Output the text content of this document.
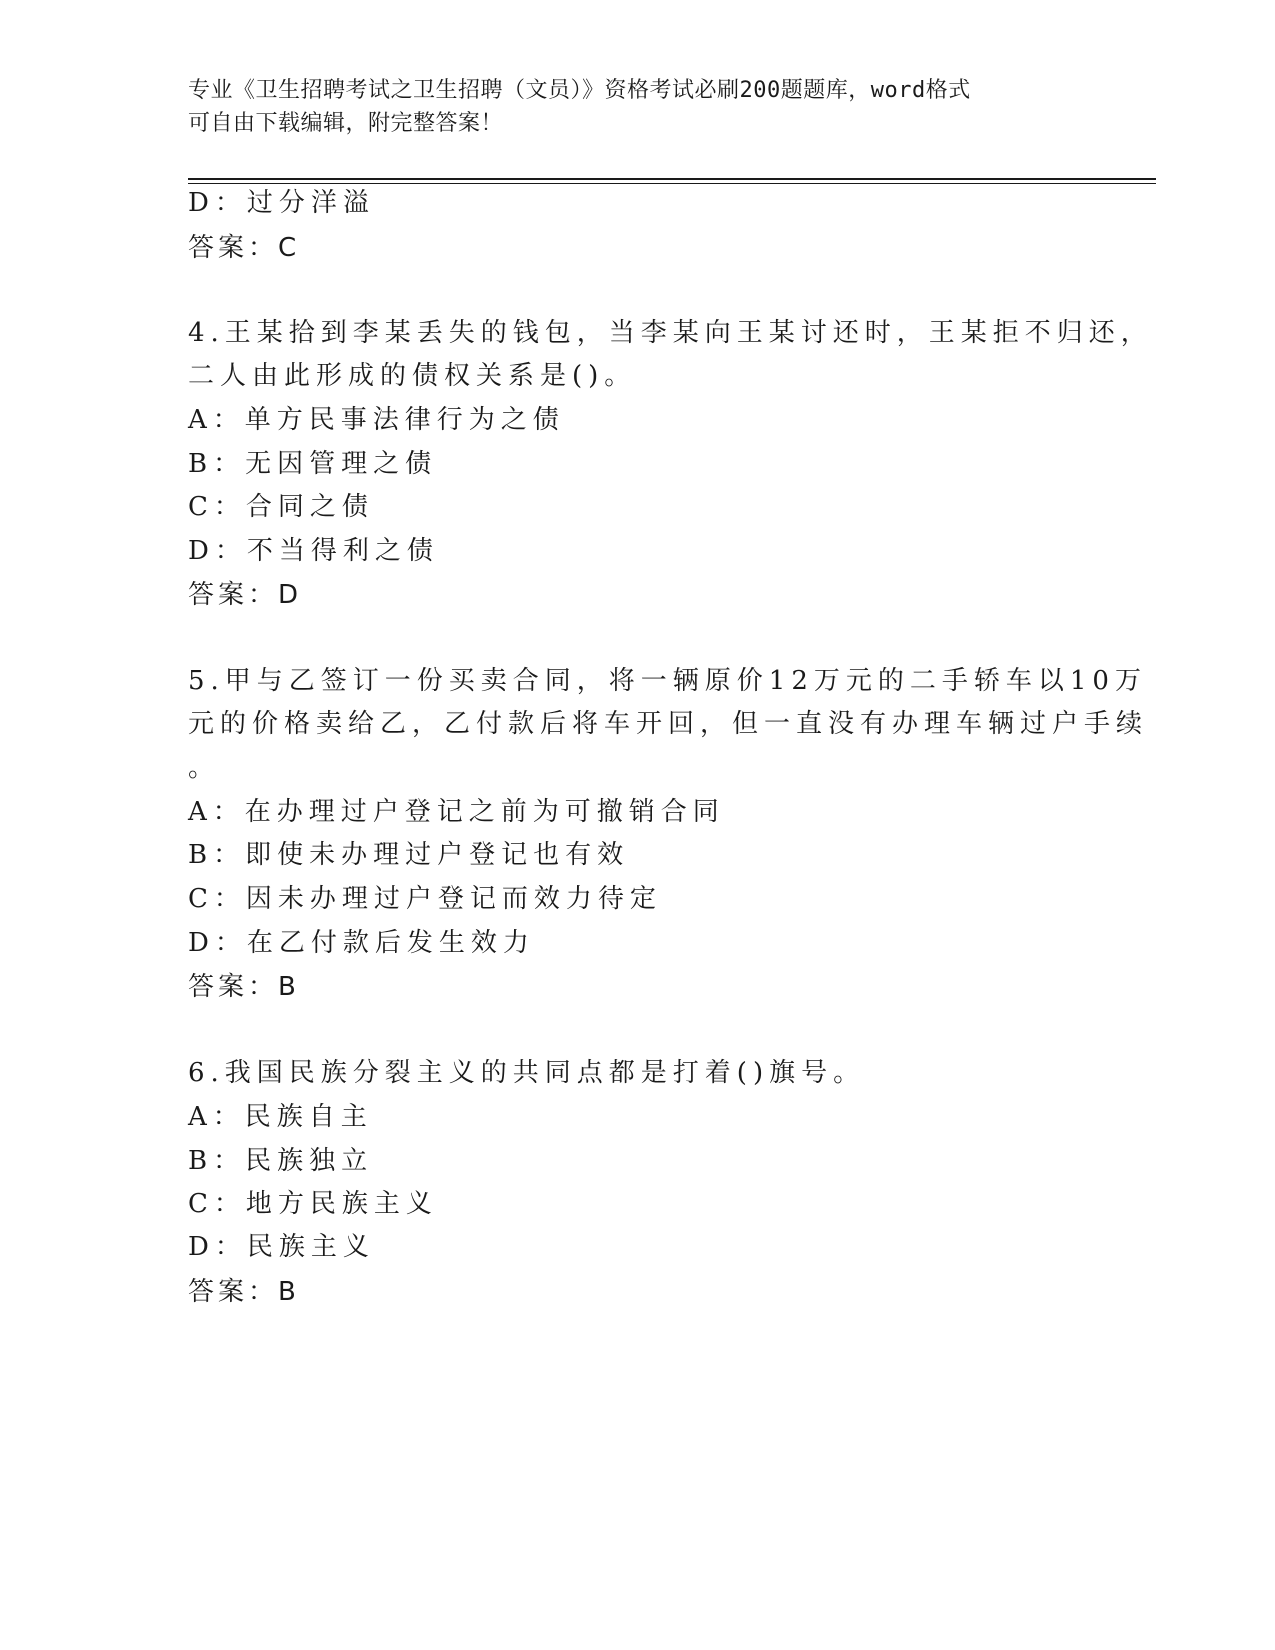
专业《卫生招聘考试之卫生招聘（文员）》资格考试必刷200题题库，word格式
可自由下载编辑，附完整答案！
D：过分洋溢
答案：C
4.王某拾到李某丢失的钱包，当李某向王某讨还时，王某拒不归还，
二人由此形成的债权关系是()。
A：单方民事法律行为之债
B：无因管理之债
C：合同之债
D：不当得利之债
答案：D
5.甲与乙签订一份买卖合同，将一辆原价12万元的二手轿车以10万
元的价格卖给乙，乙付款后将车开回，但一直没有办理车辆过户手续
。
A：在办理过户登记之前为可撤销合同
B：即使未办理过户登记也有效
C：因未办理过户登记而效力待定
D：在乙付款后发生效力
答案：B
6.我国民族分裂主义的共同点都是打着()旗号。
A：民族自主
B：民族独立
C：地方民族主义
D：民族主义
答案：B
